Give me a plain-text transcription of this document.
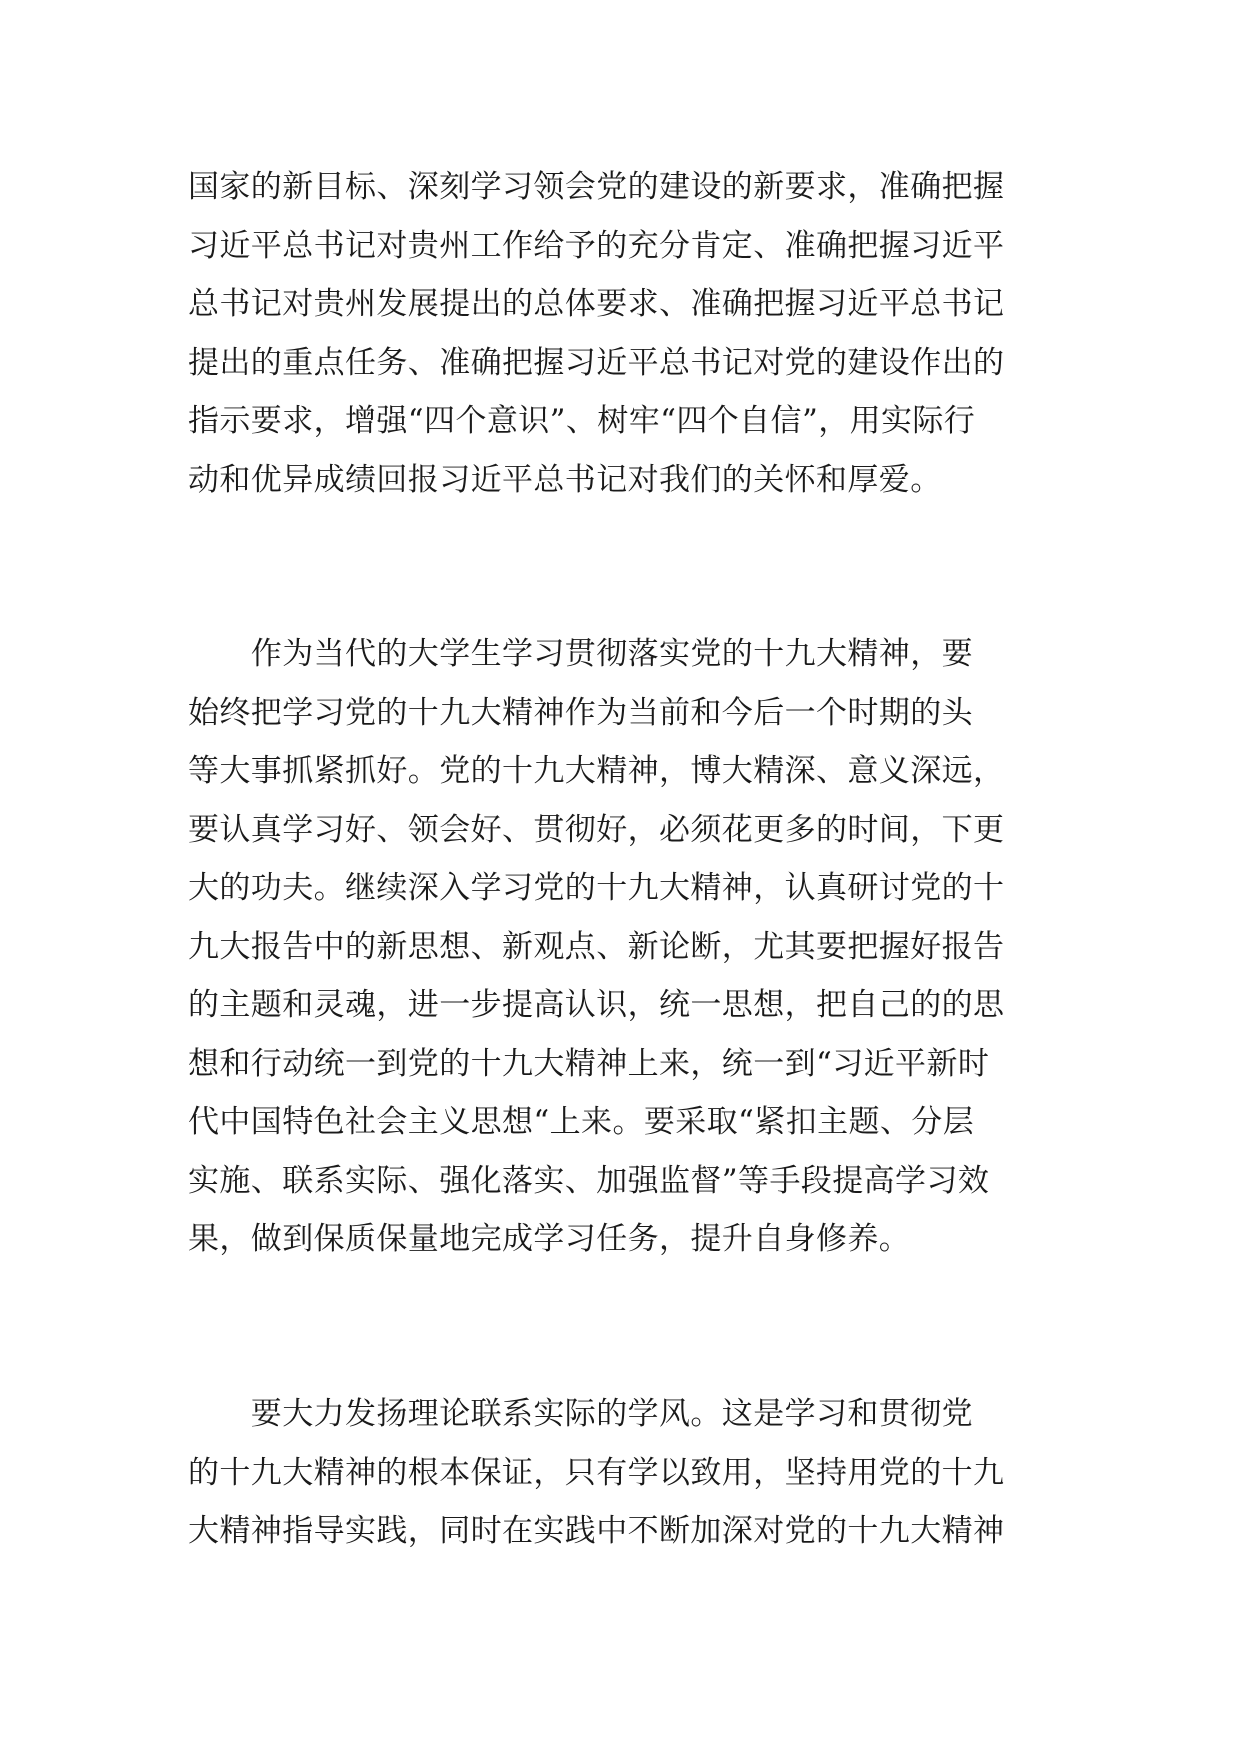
国家的新目标、深刻学习领会党的建设的新要求，准确把握
习近平总书记对贵州工作给予的充分肯定、准确把握习近平
总书记对贵州发展提出的总体要求、准确把握习近平总书记
提出的重点任务、准确把握习近平总书记对党的建设作出的
指示要求，增强“四个意识”、树牢“四个自信”，用实际行
动和优异成绩回报习近平总书记对我们的关怀和厚爱。

　　作为当代的大学生学习贯彻落实党的十九大精神，要
始终把学习党的十九大精神作为当前和今后一个时期的头
等大事抓紧抓好。党的十九大精神，博大精深、意义深远，
要认真学习好、领会好、贯彻好，必须花更多的时间，下更
大的功夫。继续深入学习党的十九大精神，认真研讨党的十
九大报告中的新思想、新观点、新论断，尤其要把握好报告
的主题和灵魂，进一步提高认识，统一思想，把自己的的思
想和行动统一到党的十九大精神上来，统一到“习近平新时
代中国特色社会主义思想“上来。要采取“紧扣主题、分层
实施、联系实际、强化落实、加强监督”等手段提高学习效
果，做到保质保量地完成学习任务，提升自身修养。

　　要大力发扬理论联系实际的学风。这是学习和贯彻党
的十九大精神的根本保证，只有学以致用，坚持用党的十九
大精神指导实践，同时在实践中不断加深对党的十九大精神
